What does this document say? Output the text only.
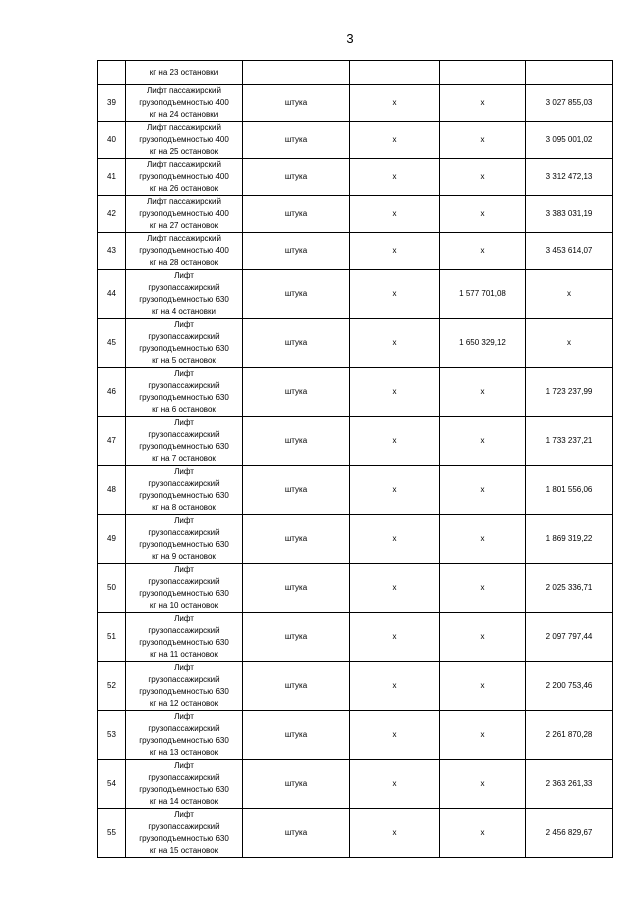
3

	кг на 23 остановки				

39	Лифт пассажирский
грузоподъемностью 400
кг на 24 остановки	штука	х	х	3 027 855,03
40	Лифт пассажирский
грузоподъемностью 400
кг на 25 остановок	штука	х	х	3 095 001,02
41	Лифт пассажирский
грузоподъемностью 400
кг на 26 остановок	штука	х	х	3 312 472,13
42	Лифт пассажирский
грузоподъемностью 400
кг на 27 остановок	штука	х	х	3 383 031,19
43	Лифт пассажирский
грузоподъемностью 400
кг на 28 остановок	штука	х	х	3 453 614,07
44	Лифт
грузопассажирский
грузоподъемностью 630
кг на 4 остановки	штука	х	1 577 701,08	х
45	Лифт
грузопассажирский
грузоподъемностью 630
кг на 5 остановок	штука	х	1 650 329,12	х
46	Лифт
грузопассажирский
грузоподъемностью 630
кг на 6 остановок	штука	х	х	1 723 237,99
47	Лифт
грузопассажирский
грузоподъемностью 630
кг на 7 остановок	штука	х	х	1 733 237,21
48	Лифт
грузопассажирский
грузоподъемностью 630
кг на 8 остановок	штука	х	х	1 801 556,06
49	Лифт
грузопассажирский
грузоподъемностью 630
кг на 9 остановок	штука	х	х	1 869 319,22
50	Лифт
грузопассажирский
грузоподъемностью 630
кг на 10 остановок	штука	х	х	2 025 336,71
51	Лифт
грузопассажирский
грузоподъемностью 630
кг на 11 остановок	штука	х	х	2 097 797,44
52	Лифт
грузопассажирский
грузоподъемностью 630
кг на 12 остановок	штука	х	х	2 200 753,46
53	Лифт
грузопассажирский
грузоподъемностью 630
кг на 13 остановок	штука	х	х	2 261 870,28
54	Лифт
грузопассажирский
грузоподъемностью 630
кг на 14 остановок	штука	х	х	2 363 261,33
55	Лифт
грузопассажирский
грузоподъемностью 630
кг на 15 остановок	штука	х	х	2 456 829,67
